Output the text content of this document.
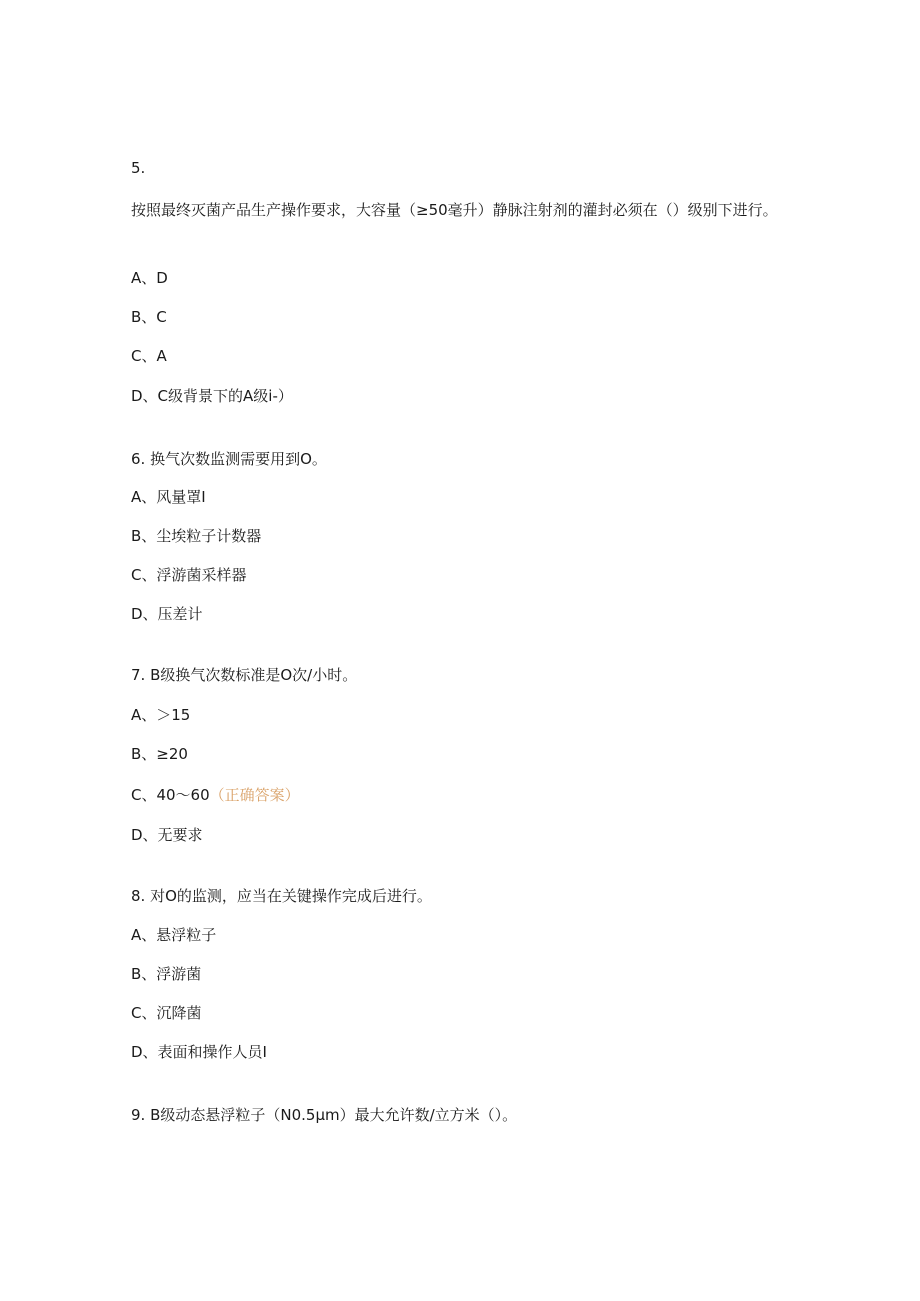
5.
按照最终灭菌产品生产操作要求，大容量（≥50毫升）静脉注射剂的灌封必须在（）级别下进行。
A、D
B、C
C、A
D、C级背景下的A级i-）
6. 换气次数监测需要用到O。
A、风量罩I
B、尘埃粒子计数器
C、浮游菌采样器
D、压差计
7. B级换气次数标准是O次/小时。
A、＞15
B、≥20
C、40～60（正确答案）
D、无要求
8. 对O的监测，应当在关键操作完成后进行。
A、悬浮粒子
B、浮游菌
C、沉降菌
D、表面和操作人员I
9. B级动态悬浮粒子（N0.5μm）最大允许数/立方米（）。
